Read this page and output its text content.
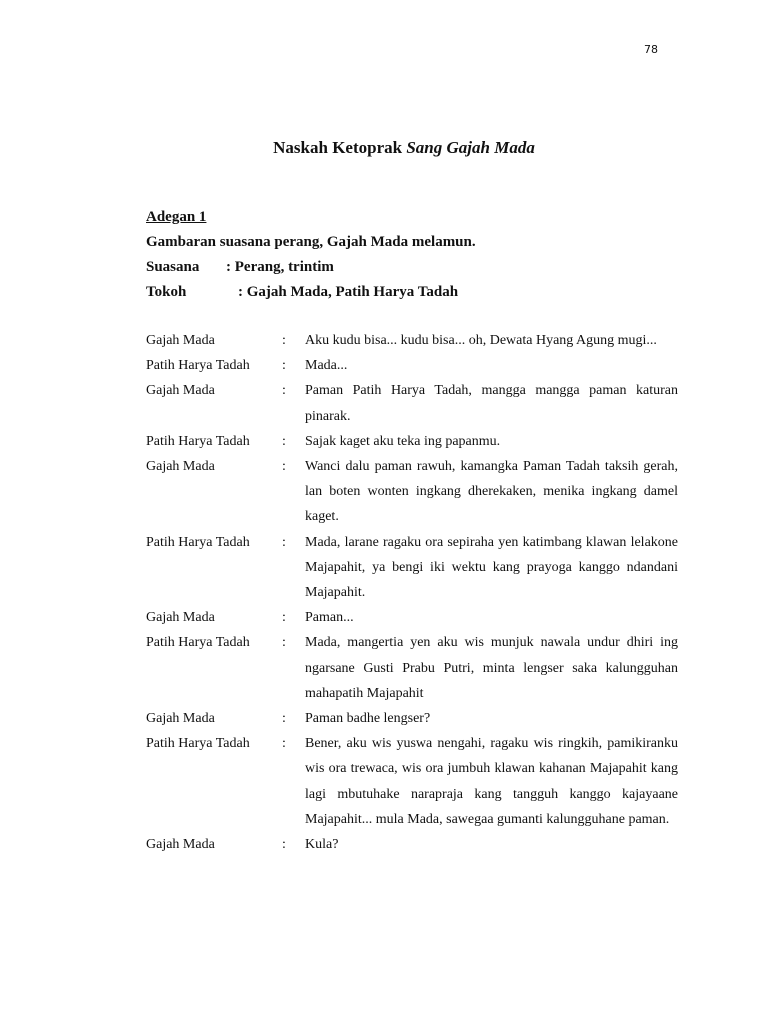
78
Naskah Ketoprak Sang Gajah Mada
Adegan 1
Gambaran suasana perang, Gajah Mada melamun.
Suasana : Perang, trintim
Tokoh	: Gajah Mada, Patih Harya Tadah
Gajah Mada	:	Aku kudu bisa... kudu bisa... oh, Dewata Hyang Agung mugi...
Patih Harya Tadah	:	Mada...
Gajah Mada	:	Paman Patih Harya Tadah, mangga mangga paman katuran pinarak.
Patih Harya Tadah	:	Sajak kaget aku teka ing papanmu.
Gajah Mada	:	Wanci dalu paman rawuh, kamangka Paman Tadah taksih gerah, lan boten wonten ingkang dherekaken, menika ingkang damel kaget.
Patih Harya Tadah	:	Mada, larane ragaku ora sepiraha yen katimbang klawan lelakone Majapahit, ya bengi iki wektu kang prayoga kanggo ndandani Majapahit.
Gajah Mada	:	Paman...
Patih Harya Tadah	:	Mada, mangertia yen aku wis munjuk nawala undur dhiri ing ngarsane Gusti Prabu Putri, minta lengser saka kalungguhan mahapatih Majapahit
Gajah Mada	:	Paman badhe lengser?
Patih Harya Tadah	:	Bener, aku wis yuswa nengahi, ragaku wis ringkih, pamikiranku wis ora trewaca, wis ora jumbuh klawan kahanan Majapahit kang lagi mbutuhake narapraja kang tangguh kanggo kajayaane Majapahit... mula Mada, sawegaa gumanti kalungguhane paman.
Gajah Mada	:	Kula?
